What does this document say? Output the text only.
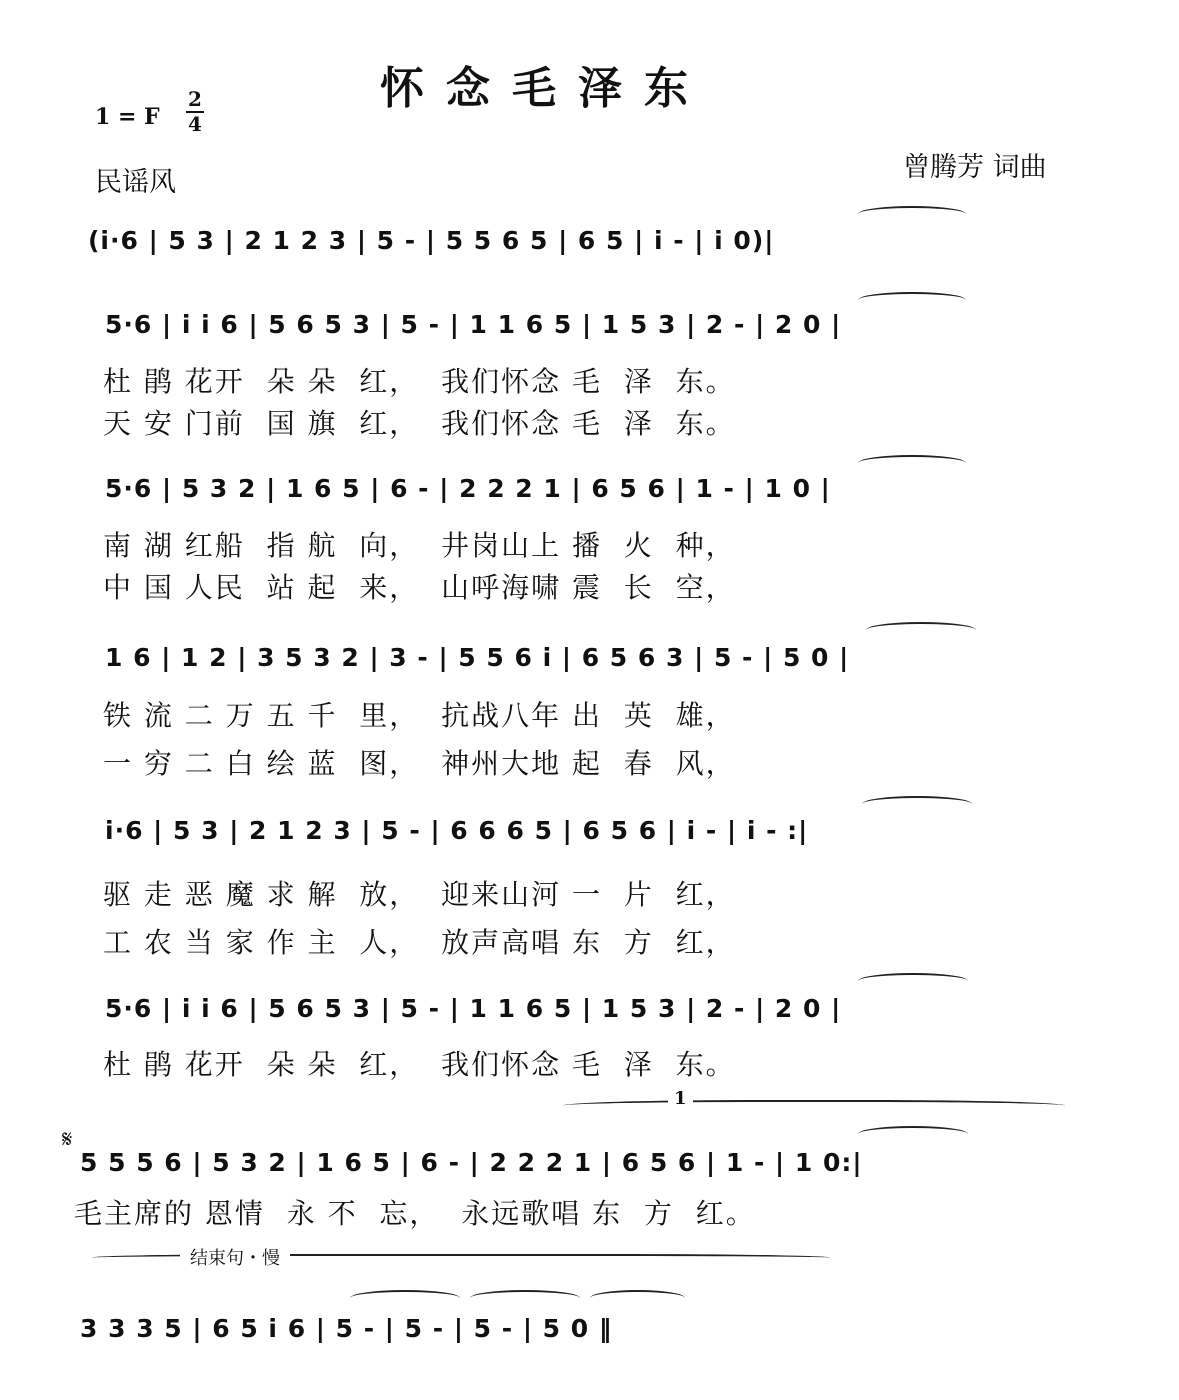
怀念毛泽东
1 = F $\frac{2}{4}$
民谣风	曾腾芳 词曲
(i·6 | 5 3 | 2 1 2 3 | 5 - | 5 5 6 5 | 6 5 | i - | i 0)|
5·6 | i i 6 | 5 6 5 3 | 5 - | 1 1 6 5 | 1 5 3 | 2 - | 2 0 |
杜 鹃 花开  朵 朵  红，  我们怀念 毛  泽  东。
天 安 门前  国 旗  红，  我们怀念 毛  泽  东。
5·6 | 5 3 2 | 1 6 5 | 6 - | 2 2 2 1 | 6 5 6 | 1 - | 1 0 |
南 湖 红船  指 航  向，  井岗山上 播  火  种，
中 国 人民  站 起  来，  山呼海啸 震  长  空，
1 6 | 1 2 | 3 5 3 2 | 3 - | 5 5 6 i | 6 5 6 3 | 5 - | 5 0 |
铁 流 二 万 五 千  里，  抗战八年 出  英  雄，
一 穷 二 白 绘 蓝  图，  神州大地 起  春  风，
i·6 | 5 3 | 2 1 2 3 | 5 - | 6 6 6 5 | 6 5 6 | i - | i - :|
驱 走 恶 魔 求 解  放，  迎来山河 一  片  红，
工 农 当 家 作 主  人，  放声高唱 东  方  红，
5·6 | i i 6 | 5 6 5 3 | 5 - | 1 1 6 5 | 1 5 3 | 2 - | 2 0 |
杜 鹃 花开  朵 朵  红，  我们怀念 毛  泽  东。
1
𝄋
5 5 5 6 | 5 3 2 | 1 6 5 | 6 - | 2 2 2 1 | 6 5 6 | 1 - | 1 0:|
毛主席的 恩情  永 不  忘，  永远歌唱 东  方  红。
结束句・慢
3 3 3 5 | 6 5 i 6 | 5 - | 5 - | 5 - | 5 0 ‖
